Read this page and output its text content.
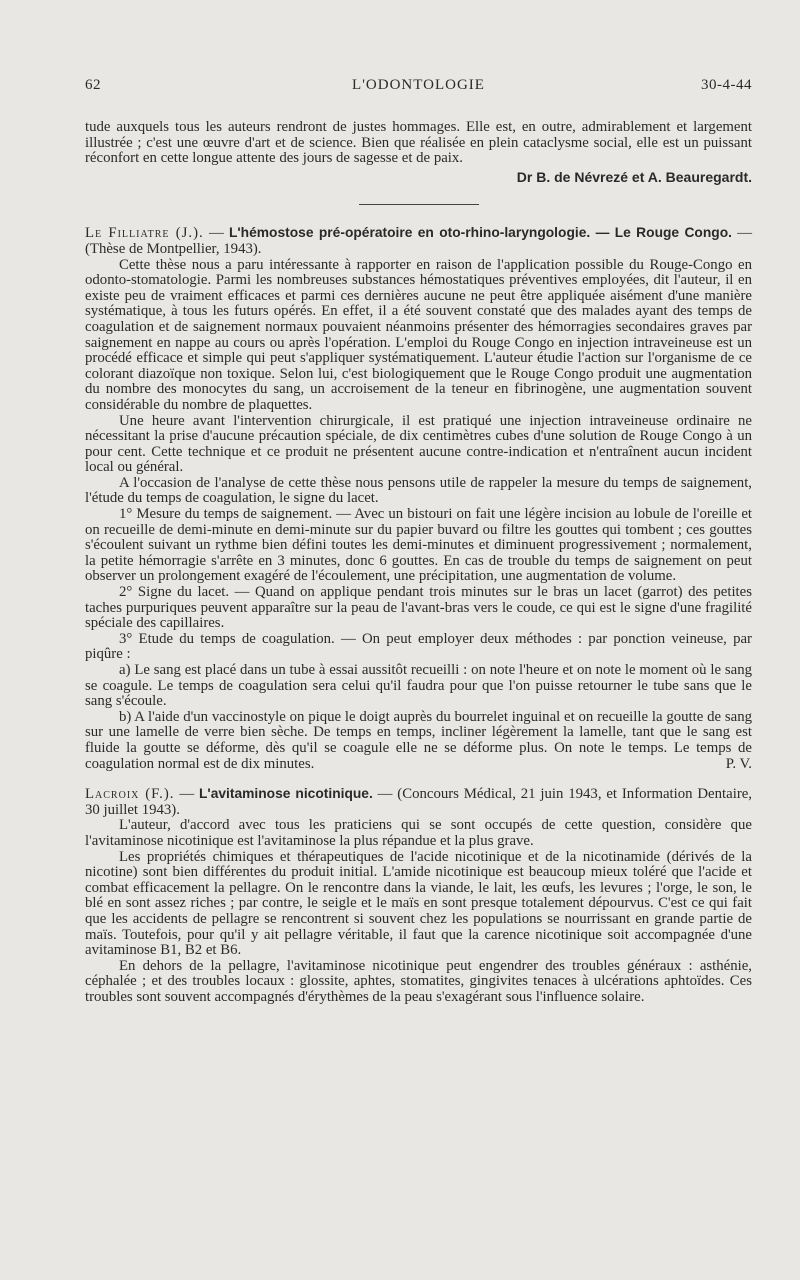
62	L'ODONTOLOGIE	30-4-44

tude auxquels tous les auteurs rendront de justes hommages. Elle est, en outre, admirablement et largement illustrée ; c'est une œuvre d'art et de science. Bien que réalisée en plein cataclysme social, elle est un puissant réconfort en cette longue attente des jours de sagesse et de paix.

Dr B. de Névrezé et A. Beauregardt.

Le Filliatre (J.). — L'hémostose pré-opératoire en oto-rhino-laryngologie. — Le Rouge Congo. — (Thèse de Montpellier, 1943).

Cette thèse nous a paru intéressante à rapporter en raison de l'application possible du Rouge-Congo en odonto-stomatologie. Parmi les nombreuses substances hémostatiques préventives employées, dit l'auteur, il en existe peu de vraiment efficaces et parmi ces dernières aucune ne peut être appliquée aisément d'une manière systématique, à tous les futurs opérés. En effet, il a été souvent constaté que des malades ayant des temps de coagulation et de saignement normaux pouvaient néanmoins présenter des hémorragies secondaires graves par saignement en nappe au cours ou après l'opération. L'emploi du Rouge Congo en injection intraveineuse est un procédé efficace et simple qui peut s'appliquer systématiquement. L'auteur étudie l'action sur l'organisme de ce colorant diazoïque non toxique. Selon lui, c'est biologiquement que le Rouge Congo produit une augmentation du nombre des monocytes du sang, un accroisement de la teneur en fibrinogène, une augmentation souvent considérable du nombre de plaquettes.

Une heure avant l'intervention chirurgicale, il est pratiqué une injection intraveineuse ordinaire ne nécessitant la prise d'aucune précaution spéciale, de dix centimètres cubes d'une solution de Rouge Congo à un pour cent. Cette technique et ce produit ne présentent aucune contre-indication et n'entraînent aucun incident local ou général.

A l'occasion de l'analyse de cette thèse nous pensons utile de rappeler la mesure du temps de saignement, l'étude du temps de coagulation, le signe du lacet.

1° Mesure du temps de saignement. — Avec un bistouri on fait une légère incision au lobule de l'oreille et on recueille de demi-minute en demi-minute sur du papier buvard ou filtre les gouttes qui tombent ; ces gouttes s'écoulent suivant un rythme bien défini toutes les demi-minutes et diminuent progressivement ; normalement, la petite hémorragie s'arrête en 3 minutes, donc 6 gouttes. En cas de trouble du temps de saignement on peut observer un prolongement exagéré de l'écoulement, une précipitation, une augmentation de volume.

2° Signe du lacet. — Quand on applique pendant trois minutes sur le bras un lacet (garrot) des petites taches purpuriques peuvent apparaître sur la peau de l'avant-bras vers le coude, ce qui est le signe d'une fragilité spéciale des capillaires.

3° Etude du temps de coagulation. — On peut employer deux méthodes : par ponction veineuse, par piqûre :

a) Le sang est placé dans un tube à essai aussitôt recueilli : on note l'heure et on note le moment où le sang se coagule. Le temps de coagulation sera celui qu'il faudra pour que l'on puisse retourner le tube sans que le sang s'écoule.

b) A l'aide d'un vaccinostyle on pique le doigt auprès du bourrelet inguinal et on recueille la goutte de sang sur une lamelle de verre bien sèche. De temps en temps, incliner légèrement la lamelle, tant que le sang est fluide la goutte se déforme, dès qu'il se coagule elle ne se déforme plus. On note le temps. Le temps de coagulation normal est de dix minutes.	P. V.

Lacroix (F.). — L'avitaminose nicotinique. — (Concours Médical, 21 juin 1943, et Information Dentaire, 30 juillet 1943).

L'auteur, d'accord avec tous les praticiens qui se sont occupés de cette question, considère que l'avitaminose nicotinique est l'avitaminose la plus répandue et la plus grave.

Les propriétés chimiques et thérapeutiques de l'acide nicotinique et de la nicotinamide (dérivés de la nicotine) sont bien différentes du produit initial. L'amide nicotinique est beaucoup mieux toléré que l'acide et combat efficacement la pellagre. On le rencontre dans la viande, le lait, les œufs, les levures ; l'orge, le son, le blé en sont assez riches ; par contre, le seigle et le maïs en sont presque totalement dépourvus. C'est ce qui fait que les accidents de pellagre se rencontrent si souvent chez les populations se nourrissant en grande partie de maïs. Toutefois, pour qu'il y ait pellagre véritable, il faut que la carence nicotinique soit accompagnée d'une avitaminose B1, B2 et B6.

En dehors de la pellagre, l'avitaminose nicotinique peut engendrer des troubles généraux : asthénie, céphalée ; et des troubles locaux : glossite, aphtes, stomatites, gingivites tenaces à ulcérations aphtoïdes. Ces troubles sont souvent accompagnés d'érythèmes de la peau s'exagérant sous l'influence solaire.
